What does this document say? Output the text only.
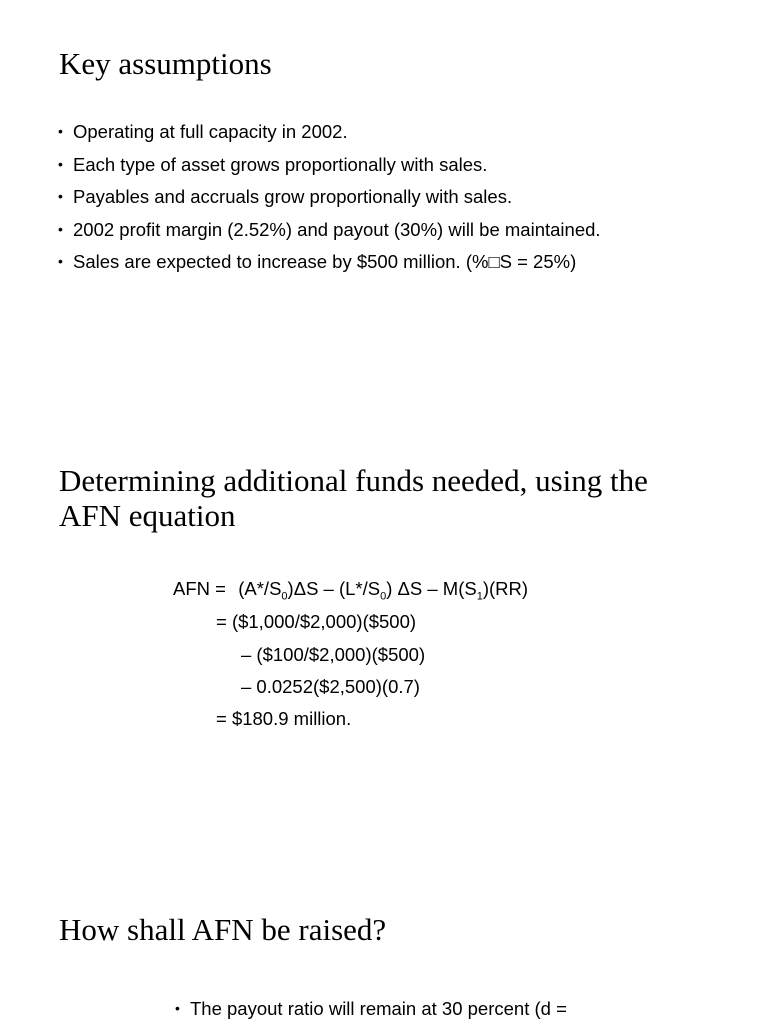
Key assumptions
• Operating at full capacity in 2002.
• Each type of asset grows proportionally with sales.
• Payables and accruals grow proportionally with sales.
• 2002 profit margin (2.52%) and payout (30%) will be maintained.
• Sales are expected to increase by $500 million. (%□S = 25%)
Determining additional funds needed, using the
AFN equation
AFN = $(A*/S_0)\Delta S - (L*/S_0)$ ΔS – $M(S_1)(RR)$
= ($1,000/$2,000)($500)
– ($100/$2,000)($500)
– 0.0252($2,500)(0.7)
= $180.9 million.
How shall AFN be raised?
• The payout ratio will remain at 30 percent (d =
